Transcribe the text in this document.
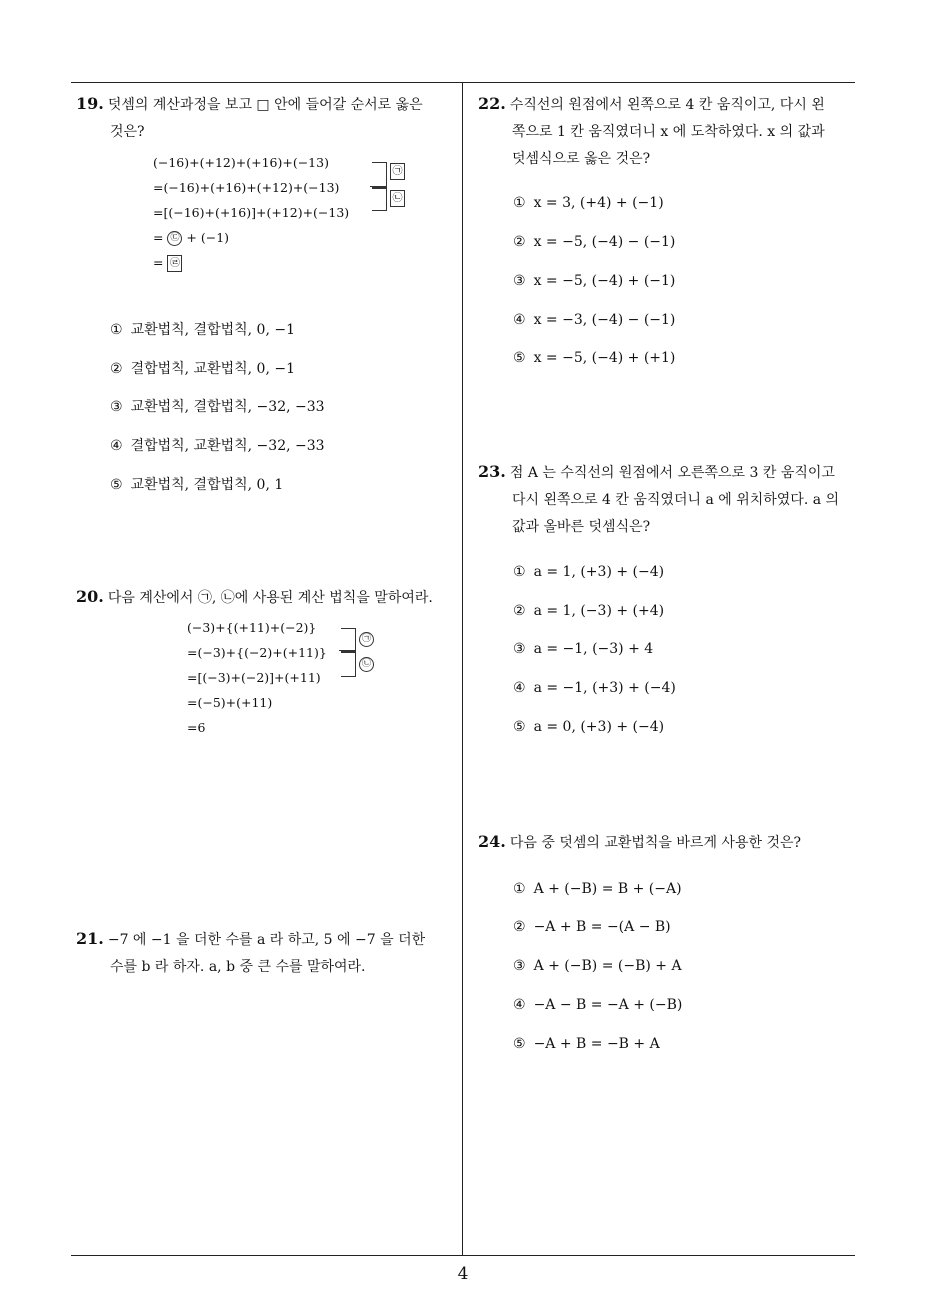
19. 덧셈의 계산과정을 보고 □ 안에 들어갈 순서로 옳은
것은?
(−16)+(+12)+(+16)+(−13)
=(−16)+(+16)+(+12)+(−13)
=[(−16)+(+16)]+(+12)+(−13)
= ㉢ + (−1)
= ㉣
㉠
㉡
① 교환법칙, 결합법칙, 0, −1
② 결합법칙, 교환법칙, 0, −1
③ 교환법칙, 결합법칙, −32, −33
④ 결합법칙, 교환법칙, −32, −33
⑤ 교환법칙, 결합법칙, 0, 1
20. 다음 계산에서 ㉠, ㉡에 사용된 계산 법칙을 말하여라.
(−3)+{(+11)+(−2)}
=(−3)+{(−2)+(+11)}
=[(−3)+(−2)]+(+11)
=(−5)+(+11)
=6
㉠
㉡
21. −7 에 −1 을 더한 수를 a 라 하고, 5 에 −7 을 더한
수를 b 라 하자. a, b 중 큰 수를 말하여라.
22. 수직선의 원점에서 왼쪽으로 4 칸 움직이고, 다시 왼
쪽으로 1 칸 움직였더니 x 에 도착하였다. x 의 값과
덧셈식으로 옳은 것은?
① x = 3, (+4) + (−1)
② x = −5, (−4) − (−1)
③ x = −5, (−4) + (−1)
④ x = −3, (−4) − (−1)
⑤ x = −5, (−4) + (+1)
23. 점 A 는 수직선의 원점에서 오른쪽으로 3 칸 움직이고
다시 왼쪽으로 4 칸 움직였더니 a 에 위치하였다. a 의
값과 올바른 덧셈식은?
① a = 1, (+3) + (−4)
② a = 1, (−3) + (+4)
③ a = −1, (−3) + 4
④ a = −1, (+3) + (−4)
⑤ a = 0, (+3) + (−4)
24. 다음 중 덧셈의 교환법칙을 바르게 사용한 것은?
① A + (−B) = B + (−A)
② −A + B = −(A − B)
③ A + (−B) = (−B) + A
④ −A − B = −A + (−B)
⑤ −A + B = −B + A
4
